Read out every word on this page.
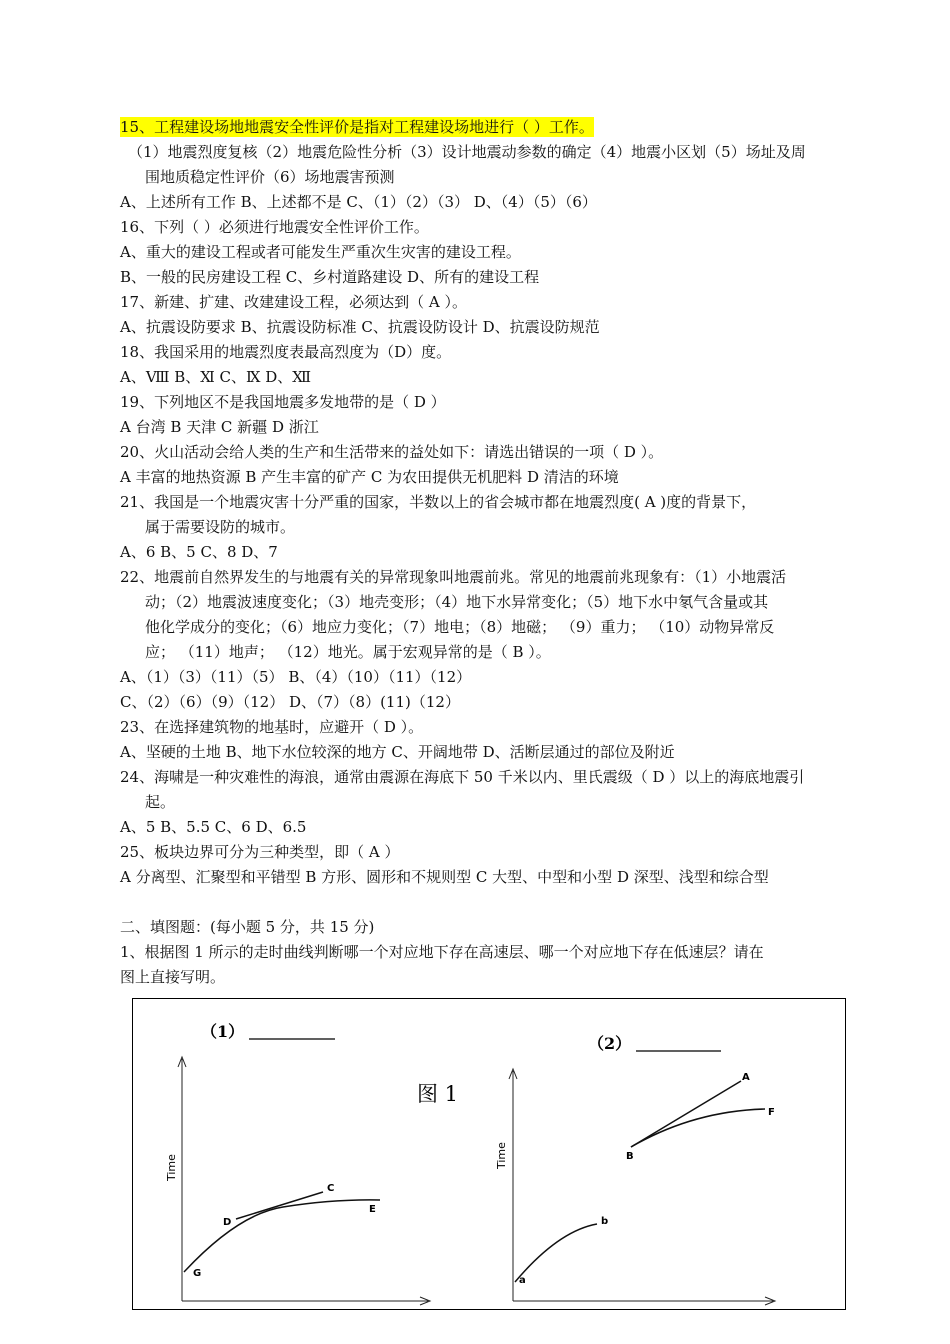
15、工程建设场地地震安全性评价是指对工程建设场地进行（ ）工作。
（1）地震烈度复核（2）地震危险性分析（3）设计地震动参数的确定（4）地震小区划（5）场址及周
围地质稳定性评价（6）场地震害预测
A、上述所有工作 B、上述都不是 C、（1）（2）（3） D、（4）（5）（6）
16、下列（ ）必须进行地震安全性评价工作。
A、重大的建设工程或者可能发生严重次生灾害的建设工程。
B、一般的民房建设工程 C、乡村道路建设 D、所有的建设工程
17、新建、扩建、改建建设工程，必须达到（ A ）。
A、抗震设防要求 B、抗震设防标准 C、抗震设防设计 D、抗震设防规范
18、我国采用的地震烈度表最高烈度为（D）度。
A、Ⅷ B、Ⅺ C、Ⅸ D、Ⅻ
19、下列地区不是我国地震多发地带的是（ D ）
A 台湾 B 天津 C 新疆 D 浙江
20、火山活动会给人类的生产和生活带来的益处如下：请选出错误的一项（ D ）。
A 丰富的地热资源 B 产生丰富的矿产 C 为农田提供无机肥料 D 清洁的环境
21、我国是一个地震灾害十分严重的国家，半数以上的省会城市都在地震烈度( A )度的背景下，
属于需要设防的城市。
A、6 B、5 C、8 D、7
22、地震前自然界发生的与地震有关的异常现象叫地震前兆。常见的地震前兆现象有：（1）小地震活
动；（2）地震波速度变化；（3）地壳变形；（4）地下水异常变化；（5）地下水中氡气含量或其
他化学成分的变化；（6）地应力变化；（7）地电；（8）地磁； （9）重力； （10）动物异常反
应； （11）地声； （12）地光。属于宏观异常的是（ B ）。
A、（1）（3）（11）（5） B、（4）（10）（11）（12）
C、（2）（6）（9）（12） D、（7）（8）(11)（12）
23、在选择建筑物的地基时，应避开（ D ）。
A、坚硬的土地 B、地下水位较深的地方 C、开阔地带 D、活断层通过的部位及附近
24、海啸是一种灾难性的海浪，通常由震源在海底下 50 千米以内、里氏震级（ D ）以上的海底地震引
起。
A、5 B、5.5 C、6 D、6.5
25、板块边界可分为三种类型，即（ A ）
A 分离型、汇聚型和平错型 B 方形、圆形和不规则型 C 大型、中型和小型 D 深型、浅型和综合型
二、填图题：(每小题 5 分，共 15 分)
1、根据图 1 所示的走时曲线判断哪一个对应地下存在高速层、哪一个对应地下存在低速层？请在
图上直接写明。
（1）
（2）
图 1
Time
C
D
E
G
Time
A
B
F
a
b
